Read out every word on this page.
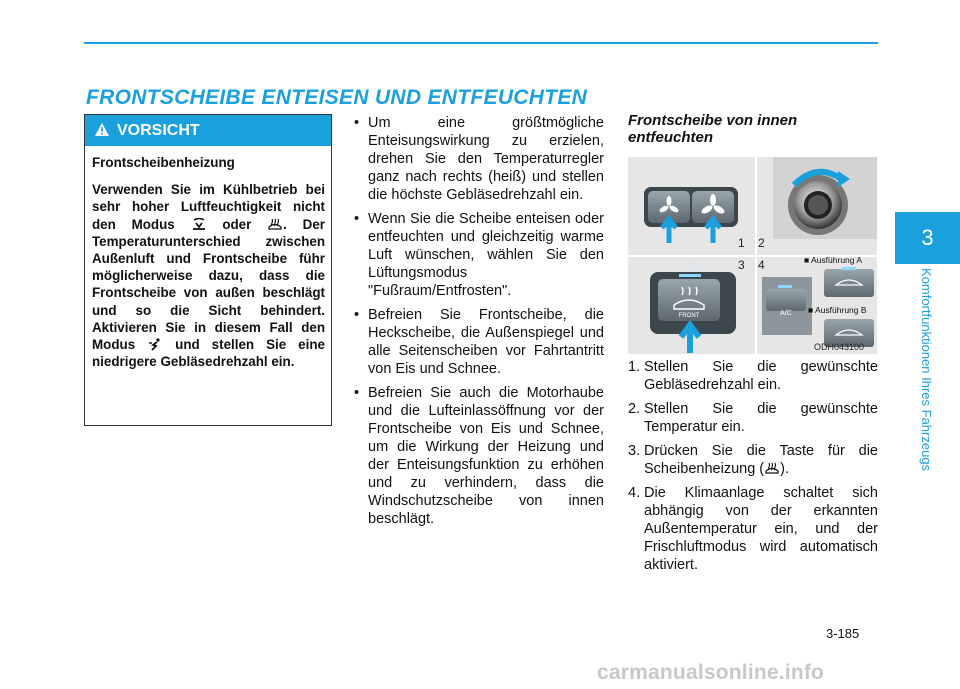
FRONTSCHEIBE ENTEISEN UND ENTFEUCHTEN
3
Komfortfunktionen Ihres Fahrzeugs
VORSICHT

Frontscheibenheizung

Verwenden Sie im Kühlbetrieb bei sehr hoher Luftfeuchtigkeit nicht den Modus	oder . Der Temperaturunterschied zwischen Außenluft und Frontscheibe führ möglicherweise dazu, dass die Frontscheibe von außen beschlägt und so die Sicht behindert. Aktivieren Sie in diesem Fall den Modus	und stellen Sie eine niedrigere Gebläsedrehzahl ein.

• Um eine größtmögliche Enteisungswirkung zu erzielen, drehen Sie den Temperaturregler ganz nach rechts (heiß) und stellen die höchste Gebläsedrehzahl ein.
• Wenn Sie die Scheibe enteisen oder entfeuchten und gleichzeitig warme Luft wünschen, wählen Sie den Lüftungsmodus "Fußraum/Entfrosten".
• Befreien Sie Frontscheibe, die Heckscheibe, die Außenspiegel und alle Seitenscheiben vor Fahrtantritt von Eis und Schnee.
• Befreien Sie auch die Motorhaube und die Lufteinlassöffnung vor der Frontscheibe von Eis und Schnee, um die Wirkung der Heizung und der Enteisungsfunktion zu erhöhen und zu verhindern, dass die Windschutzscheibe von innen beschlägt.
Frontscheibe von innen entfeuchten
1 2
FRONT
3
A/C
4	■ Ausführung A
■ Ausführung B
ODH043100
1. Stellen Sie die gewünschte Gebläsedrehzahl ein.
2. Stellen Sie die gewünschte Temperatur ein.
3. Drücken Sie die Taste für die Scheibenheizung ( ).
4. Die Klimaanlage schaltet sich abhängig von der erkannten Außentemperatur ein, und der Frischluftmodus wird automatisch aktiviert.
3-185
carmanualsonline.info
